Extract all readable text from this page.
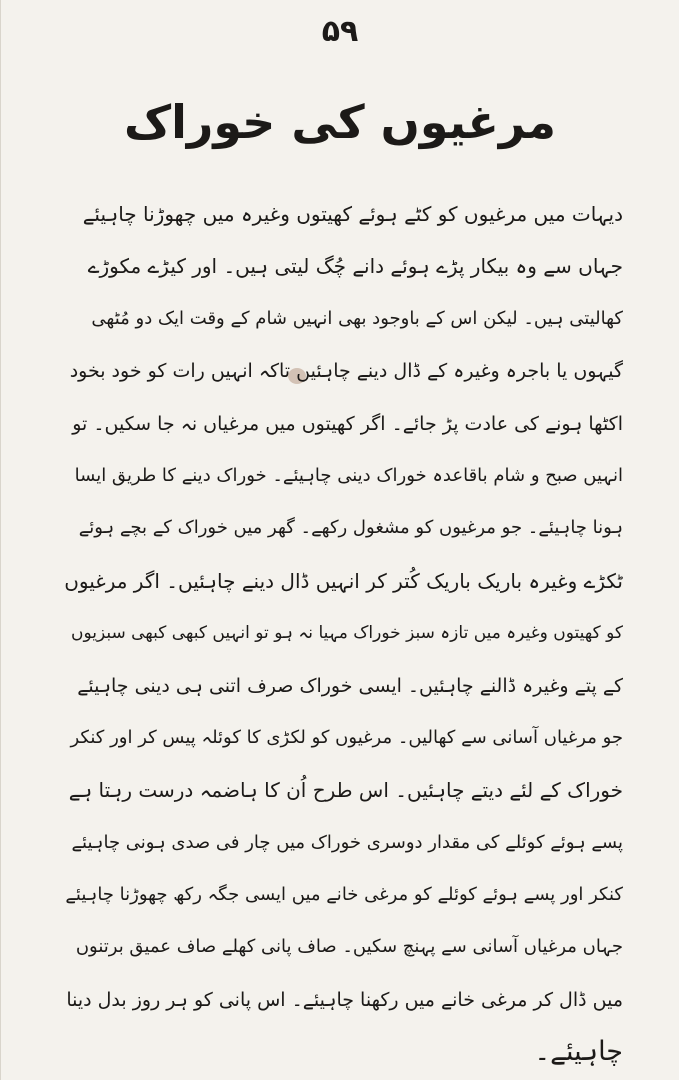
۵۹
مرغیوں کی خوراک
دیہات میں مرغیوں کو کٹے ہوئے کھیتوں وغیرہ میں چھوڑنا چاہیئے
جہاں سے وہ بیکار پڑے ہوئے دانے چُگ لیتی ہیں۔ اور کیڑے مکوڑے
کھالیتی ہیں۔ لیکن اس کے باوجود بھی انہیں شام کے وقت ایک دو مُٹھی
گیہوں یا باجرہ وغیرہ کے ڈال دینے چاہئیں تاکہ انہیں رات کو خود بخود
اکٹھا ہونے کی عادت پڑ جائے۔ اگر کھیتوں میں مرغیاں نہ جا سکیں۔ تو
انہیں صبح و شام باقاعدہ خوراک دینی چاہیئے۔ خوراک دینے کا طریق ایسا
ہونا چاہیئے۔ جو مرغیوں کو مشغول رکھے۔ گھر میں خوراک کے بچے ہوئے
ٹکڑے وغیرہ باریک باریک کُتر کر انہیں ڈال دینے چاہئیں۔ اگر مرغیوں
کو کھیتوں وغیرہ میں تازہ سبز خوراک مہیا نہ ہو تو انہیں کبھی کبھی سبزیوں
کے پتے وغیرہ ڈالنے چاہئیں۔ ایسی خوراک صرف اتنی ہی دینی چاہیئے
جو مرغیاں آسانی سے کھالیں۔ مرغیوں کو لکڑی کا کوئلہ پیس کر اور کنکر
خوراک کے لئے دیتے چاہئیں۔ اس طرح اُن کا ہاضمہ درست رہتا ہے
پسے ہوئے کوئلے کی مقدار دوسری خوراک میں چار فی صدی ہونی چاہیئے
کنکر اور پسے ہوئے کوئلے کو مرغی خانے میں ایسی جگہ رکھ چھوڑنا چاہیئے
جہاں مرغیاں آسانی سے پہنچ سکیں۔ صاف پانی کھلے صاف عمیق برتنوں
میں ڈال کر مرغی خانے میں رکھنا چاہیئے۔ اس پانی کو ہر روز بدل دینا
چاہیئے۔
